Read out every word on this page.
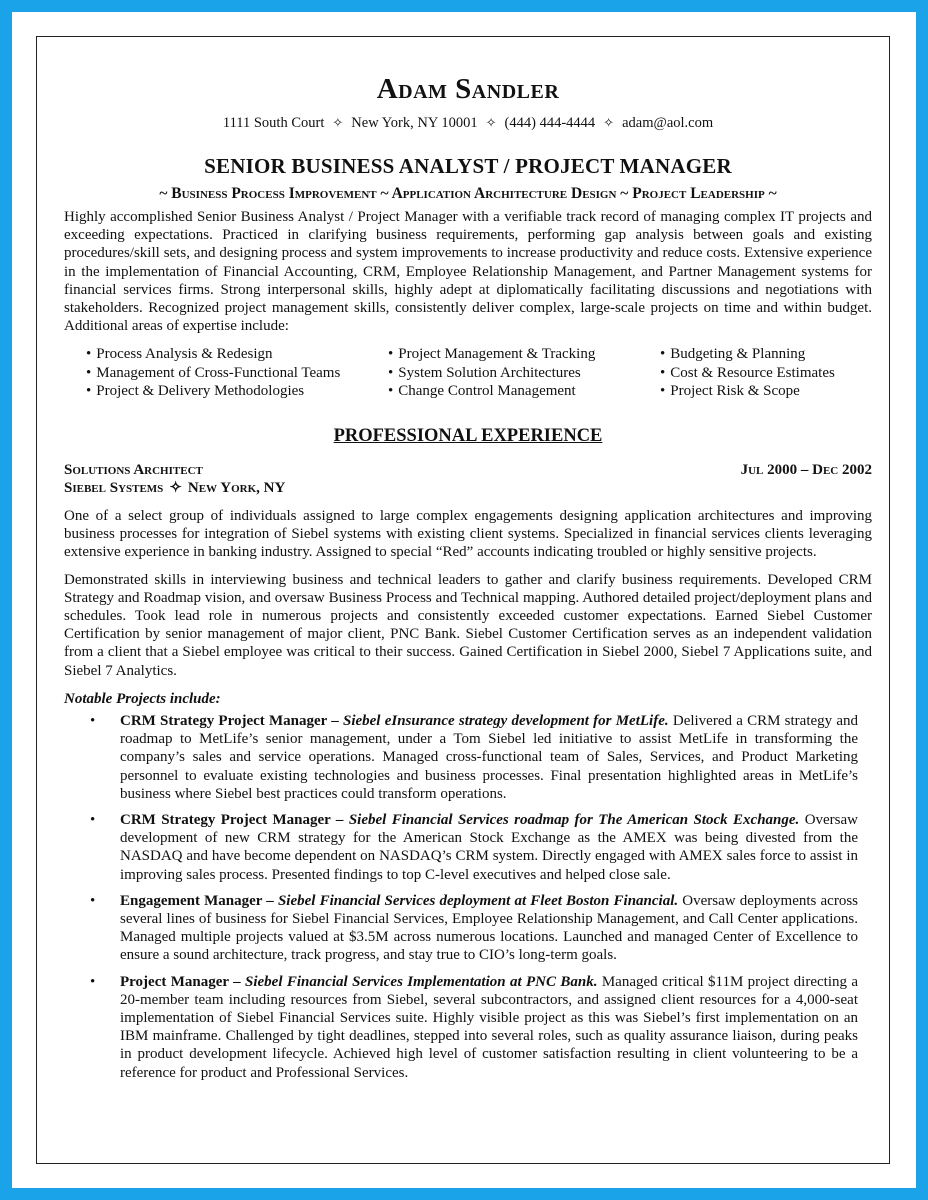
Adam Sandler
1111 South Court ✧ New York, NY 10001 ✧ (444) 444-4444 ✧ adam@aol.com
SENIOR BUSINESS ANALYST / PROJECT MANAGER
~ Business Process Improvement ~ Application Architecture Design ~ Project Leadership ~
Highly accomplished Senior Business Analyst / Project Manager with a verifiable track record of managing complex IT projects and exceeding expectations. Practiced in clarifying business requirements, performing gap analysis between goals and existing procedures/skill sets, and designing process and system improvements to increase productivity and reduce costs. Extensive experience in the implementation of Financial Accounting, CRM, Employee Relationship Management, and Partner Management systems for financial services firms. Strong interpersonal skills, highly adept at diplomatically facilitating discussions and negotiations with stakeholders. Recognized project management skills, consistently deliver complex, large-scale projects on time and within budget. Additional areas of expertise include:
• Process Analysis & Redesign
• Management of Cross-Functional Teams
• Project & Delivery Methodologies
• Project Management & Tracking
• System Solution Architectures
• Change Control Management
• Budgeting & Planning
• Cost & Resource Estimates
• Project Risk & Scope
PROFESSIONAL EXPERIENCE
Solutions Architect
Siebel Systems ✧ New York, NY
Jul 2000 – Dec 2002
One of a select group of individuals assigned to large complex engagements designing application architectures and improving business processes for integration of Siebel systems with existing client systems. Specialized in financial services clients leveraging extensive experience in banking industry. Assigned to special “Red” accounts indicating troubled or highly sensitive projects.
Demonstrated skills in interviewing business and technical leaders to gather and clarify business requirements. Developed CRM Strategy and Roadmap vision, and oversaw Business Process and Technical mapping. Authored detailed project/deployment plans and schedules. Took lead role in numerous projects and consistently exceeded customer expectations. Earned Siebel Customer Certification by senior management of major client, PNC Bank. Siebel Customer Certification serves as an independent validation from a client that a Siebel employee was critical to their success. Gained Certification in Siebel 2000, Siebel 7 Applications suite, and Siebel 7 Analytics.
Notable Projects include:
• CRM Strategy Project Manager – Siebel eInsurance strategy development for MetLife. Delivered a CRM strategy and roadmap to MetLife’s senior management, under a Tom Siebel led initiative to assist MetLife in transforming the company’s sales and service operations. Managed cross-functional team of Sales, Services, and Product Marketing personnel to evaluate existing technologies and business processes. Final presentation highlighted areas in MetLife’s business where Siebel best practices could transform operations.
• CRM Strategy Project Manager – Siebel Financial Services roadmap for The American Stock Exchange. Oversaw development of new CRM strategy for the American Stock Exchange as the AMEX was being divested from the NASDAQ and have become dependent on NASDAQ’s CRM system. Directly engaged with AMEX sales force to assist in improving sales process. Presented findings to top C-level executives and helped close sale.
• Engagement Manager – Siebel Financial Services deployment at Fleet Boston Financial. Oversaw deployments across several lines of business for Siebel Financial Services, Employee Relationship Management, and Call Center applications. Managed multiple projects valued at $3.5M across numerous locations. Launched and managed Center of Excellence to ensure a sound architecture, track progress, and stay true to CIO’s long-term goals.
• Project Manager – Siebel Financial Services Implementation at PNC Bank. Managed critical $11M project directing a 20-member team including resources from Siebel, several subcontractors, and assigned client resources for a 4,000-seat implementation of Siebel Financial Services suite. Highly visible project as this was Siebel’s first implementation on an IBM mainframe. Challenged by tight deadlines, stepped into several roles, such as quality assurance liaison, during peaks in product development lifecycle. Achieved high level of customer satisfaction resulting in client volunteering to be a reference for product and Professional Services.
